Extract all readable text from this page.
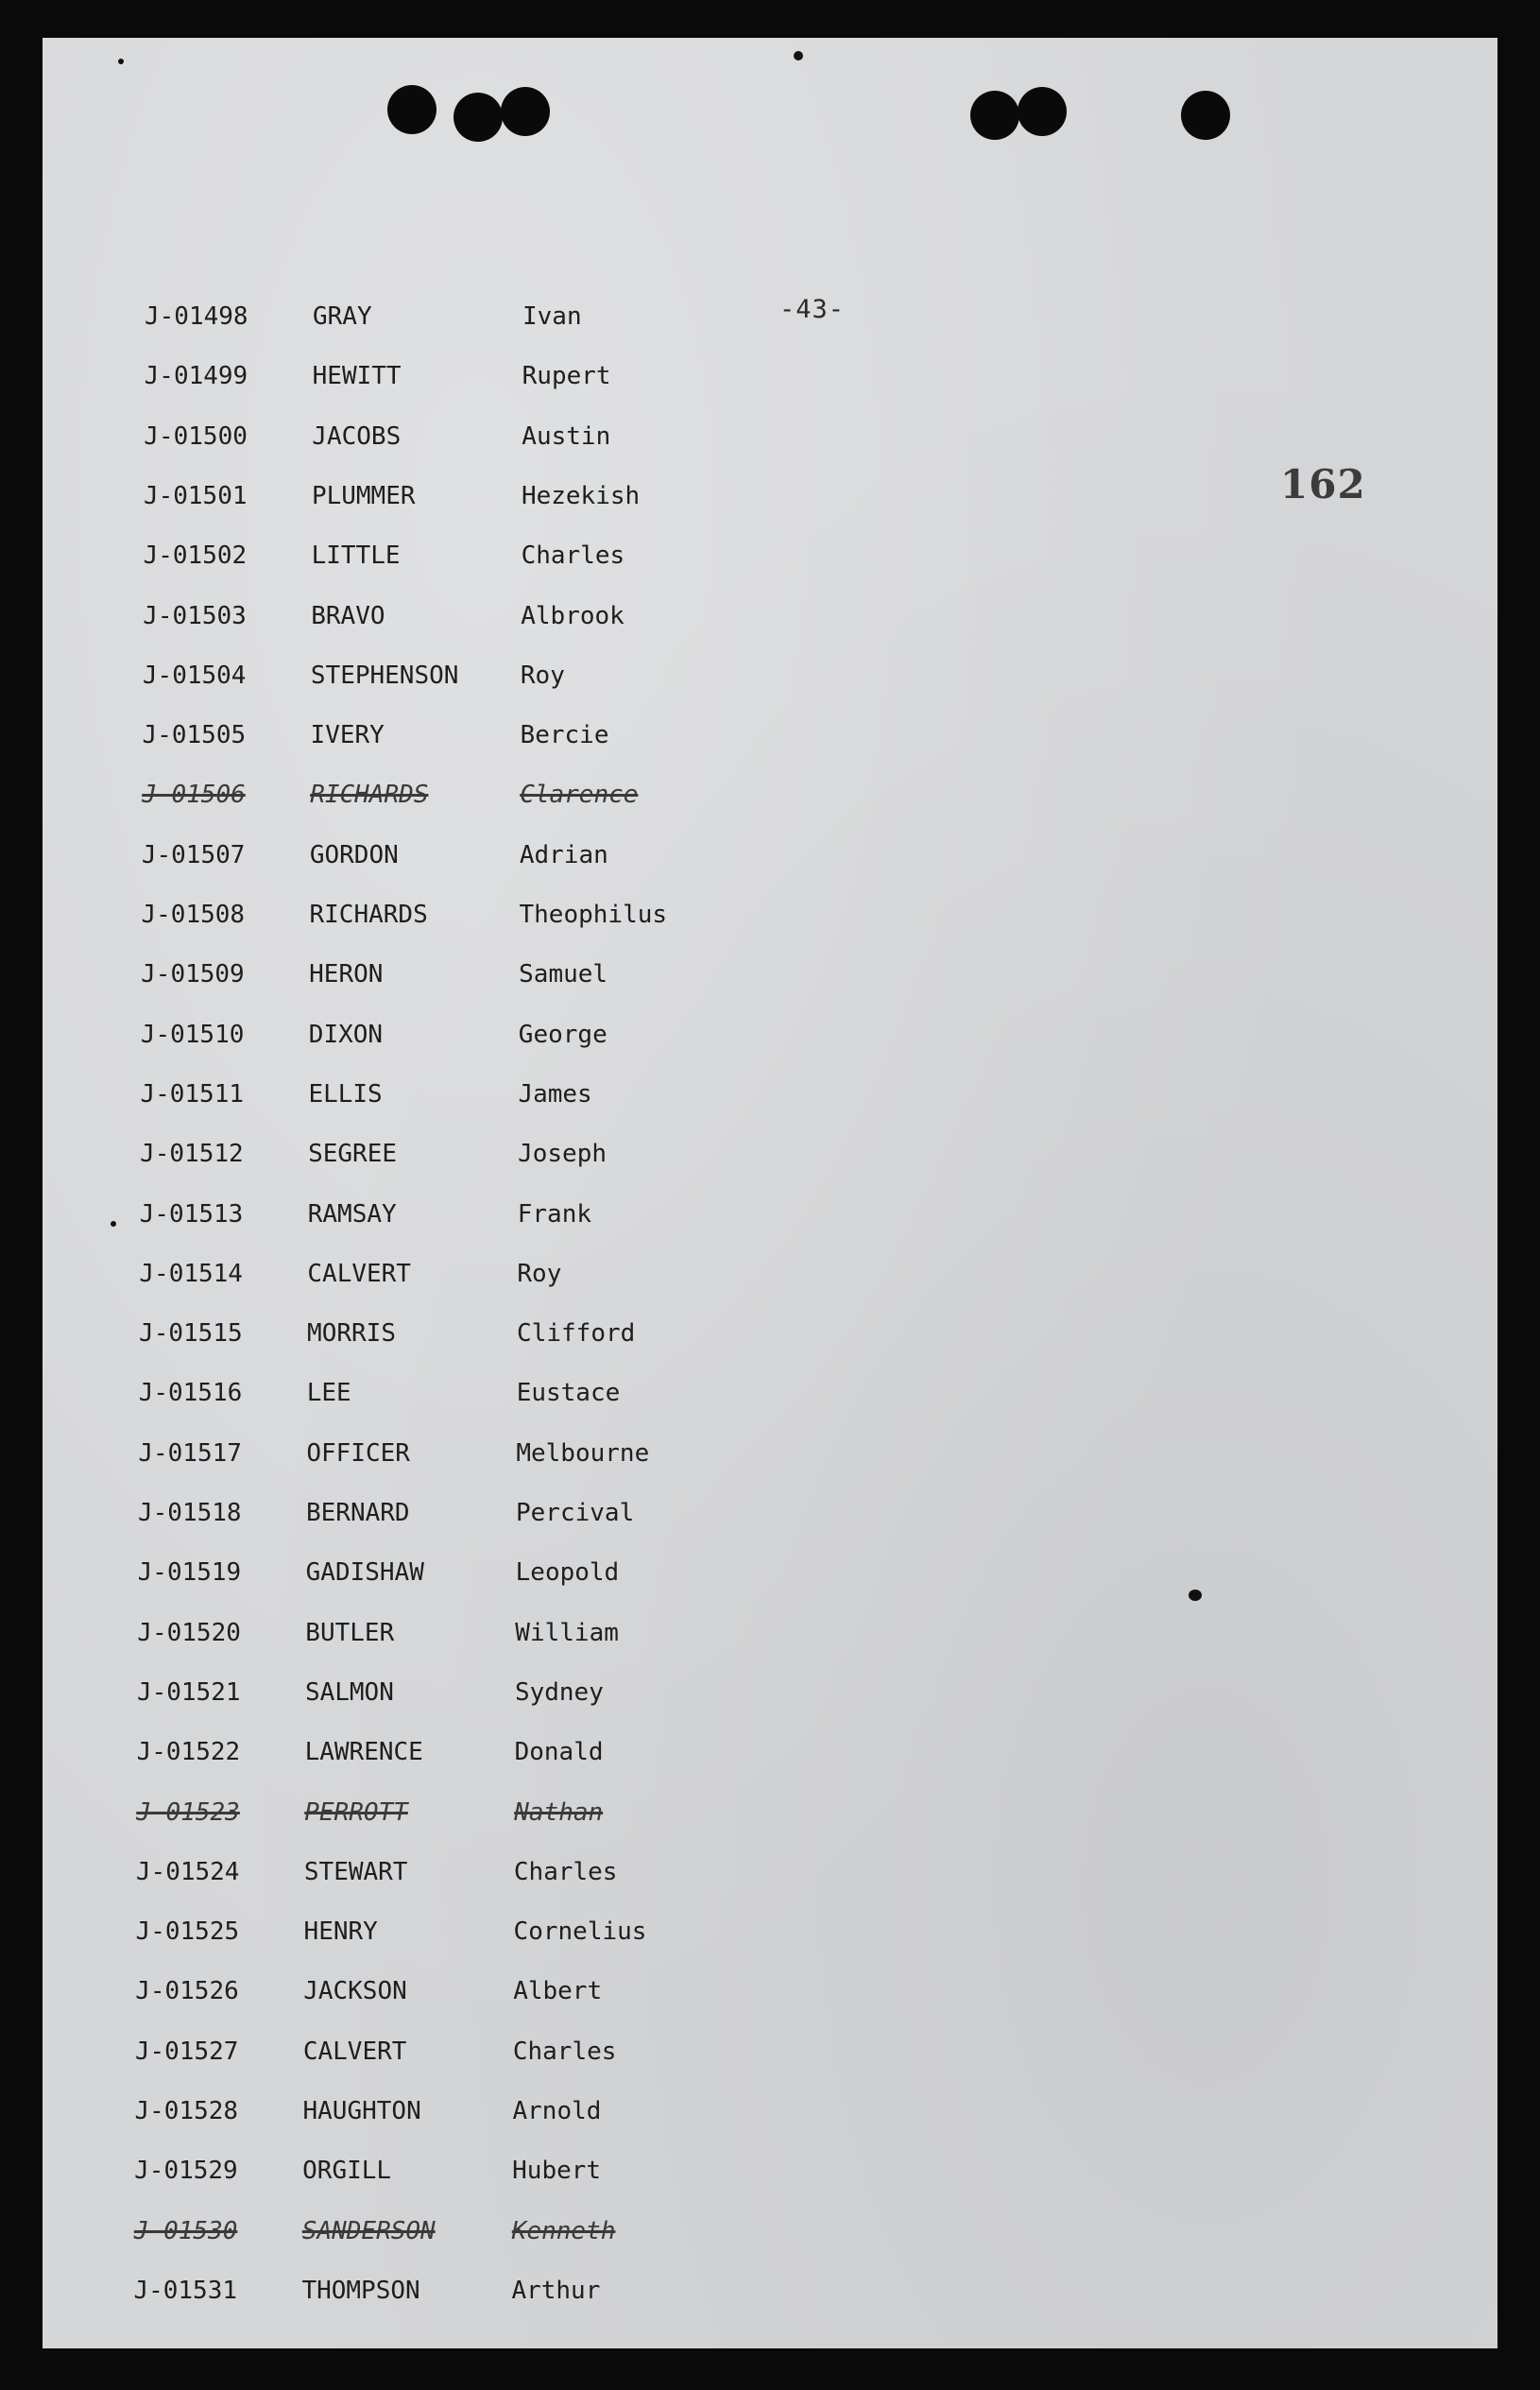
-43-
162
J-01498	GRAY	Ivan
J-01499	HEWITT	Rupert
J-01500	JACOBS	Austin
J-01501	PLUMMER	Hezekish
J-01502	LITTLE	Charles
J-01503	BRAVO	Albrook
J-01504	STEPHENSON	Roy
J-01505	IVERY	Bercie
J-01506	RICHARDS	Clarence
J-01507	GORDON	Adrian
J-01508	RICHARDS	Theophilus
J-01509	HERON	Samuel
J-01510	DIXON	George
J-01511	ELLIS	James
J-01512	SEGREE	Joseph
J-01513	RAMSAY	Frank
J-01514	CALVERT	Roy
J-01515	MORRIS	Clifford
J-01516	LEE	Eustace
J-01517	OFFICER	Melbourne
J-01518	BERNARD	Percival
J-01519	GADISHAW	Leopold
J-01520	BUTLER	William
J-01521	SALMON	Sydney
J-01522	LAWRENCE	Donald
J-01523	PERROTT	Nathan
J-01524	STEWART	Charles
J-01525	HENRY	Cornelius
J-01526	JACKSON	Albert
J-01527	CALVERT	Charles
J-01528	HAUGHTON	Arnold
J-01529	ORGILL	Hubert
J-01530	SANDERSON	Kenneth
J-01531	THOMPSON	Arthur
